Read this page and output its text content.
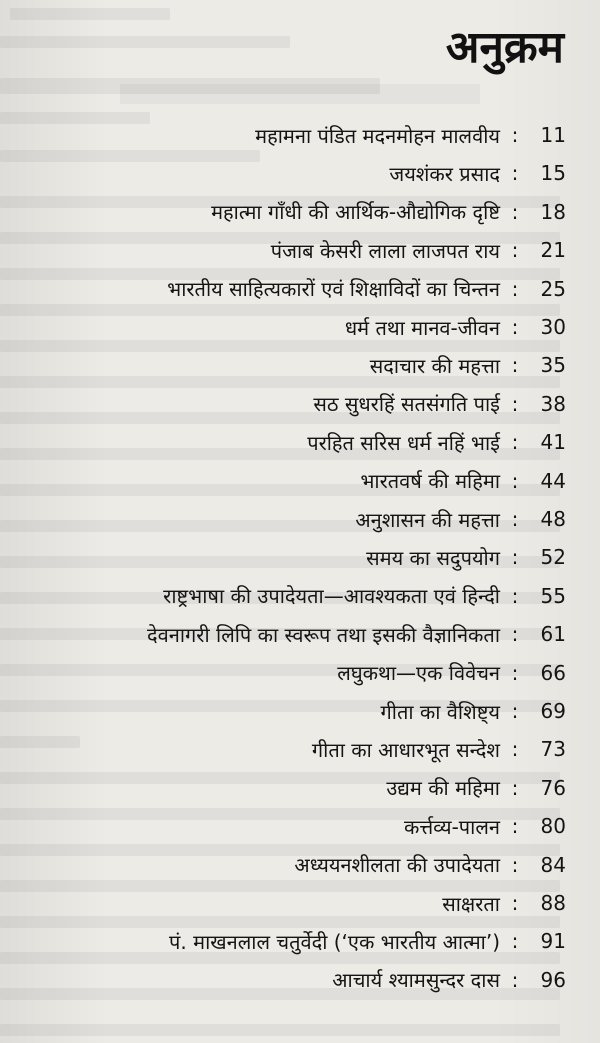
अनुक्रम
महामना पंडित मदनमोहन मालवीय :	11
जयशंकर प्रसाद :	15
महात्मा गाँधी की आर्थिक-औद्योगिक दृष्टि :	18
पंजाब केसरी लाला लाजपत राय :	21
भारतीय साहित्यकारों एवं शिक्षाविदों का चिन्तन :	25
धर्म तथा मानव-जीवन :	30
सदाचार की महत्ता :	35
सठ सुधरहिं सतसंगति पाई :	38
परहित सरिस धर्म नहिं भाई :	41
भारतवर्ष की महिमा :	44
अनुशासन की महत्ता :	48
समय का सदुपयोग :	52
राष्ट्रभाषा की उपादेयता—आवश्यकता एवं हिन्दी :	55
देवनागरी लिपि का स्वरूप तथा इसकी वैज्ञानिकता :	61
लघुकथा—एक विवेचन :	66
गीता का वैशिष्ट्य :	69
गीता का आधारभूत सन्देश :	73
उद्यम की महिमा :	76
कर्त्तव्य-पालन :	80
अध्ययनशीलता की उपादेयता :	84
साक्षरता :	88
पं. माखनलाल चतुर्वेदी (‘एक भारतीय आत्मा’) :	91
आचार्य श्यामसुन्दर दास :	96
